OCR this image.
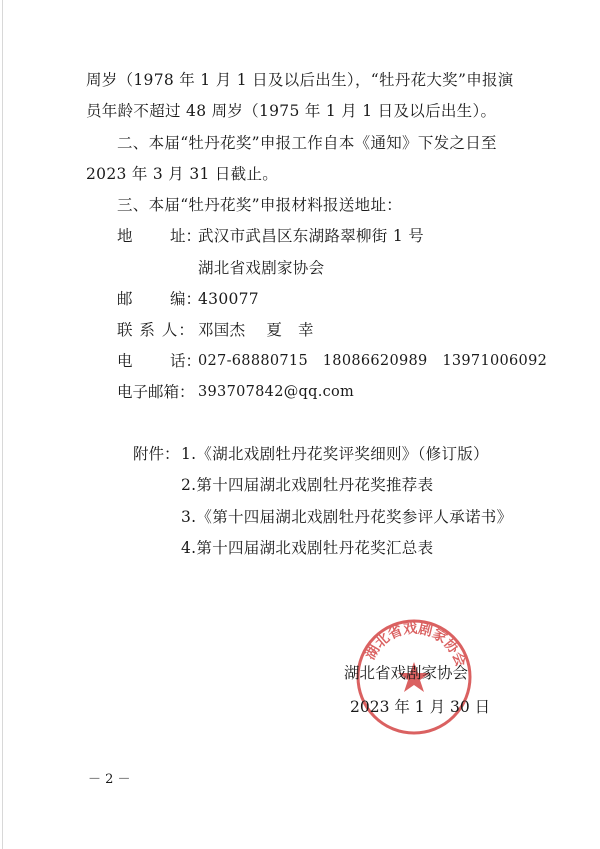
周岁（1978 年 1 月 1 日及以后出生），“牡丹花大奖”申报演
员年龄不超过 48 周岁（1975 年 1 月 1 日及以后出生）。
二、本届“牡丹花奖”申报工作自本《通知》下发之日至
2023 年 3 月 31 日截止。
三、本届“牡丹花奖”申报材料报送地址：
地 址：
武汉市武昌区东湖路翠柳街 1 号
湖北省戏剧家协会
邮 编：
430077
联 系 人： 邓国杰　 夏　幸
电 话：
027-68880715　18086620989　13971006092
电子邮箱： 393707842@qq.com
附件： 1.《湖北戏剧牡丹花奖评奖细则》（修订版）
2.第十四届湖北戏剧牡丹花奖推荐表
3.《第十四届湖北戏剧牡丹花奖参评人承诺书》
4.第十四届湖北戏剧牡丹花奖汇总表
湖北省戏剧家协会
湖北省戏剧家协会
2023 年 1 月 30 日
－ 2 －
